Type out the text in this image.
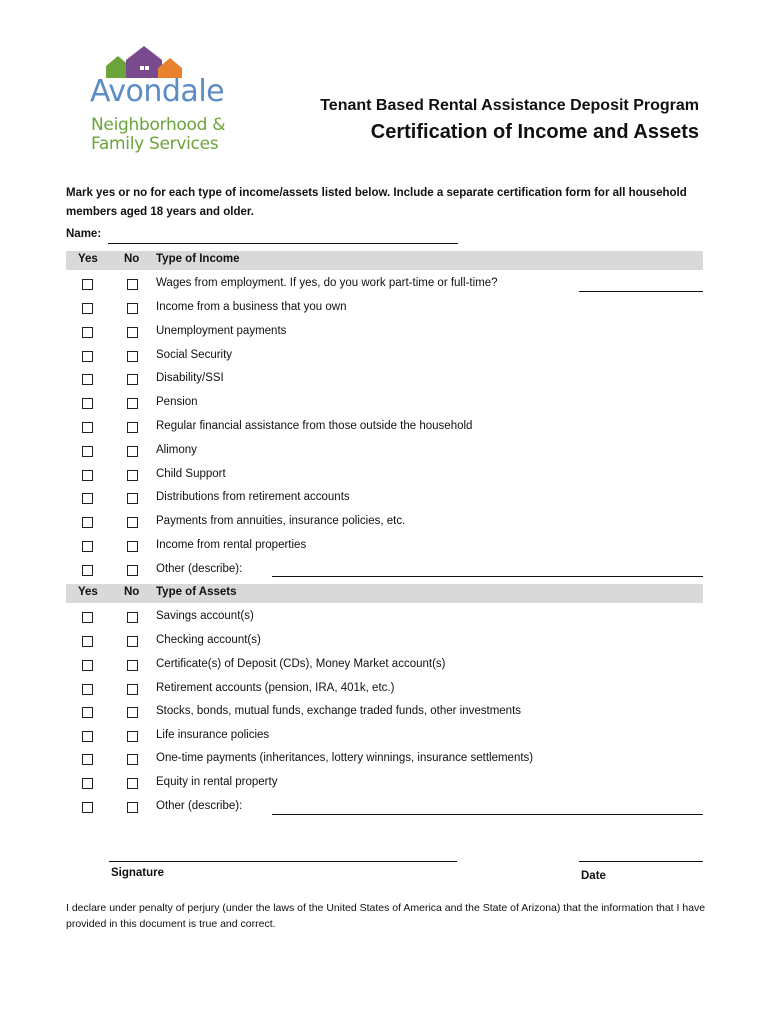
Avondale
Neighborhood &
Family Services
Tenant Based Rental Assistance Deposit Program
Certification of Income and Assets
Mark yes or no for each type of income/assets listed below. Include a separate certification form for all household members aged 18 years and older.
Name:
Yes No Type of Income
Wages from employment. If yes, do you work part-time or full-time?
Income from a business that you own
Unemployment payments
Social Security
Disability/SSI
Pension
Regular financial assistance from those outside the household
Alimony
Child Support
Distributions from retirement accounts
Payments from annuities, insurance policies, etc.
Income from rental properties
Other (describe):
Yes No Type of Assets
Savings account(s)
Checking account(s)
Certificate(s) of Deposit (CDs), Money Market account(s)
Retirement accounts (pension, IRA, 401k, etc.)
Stocks, bonds, mutual funds, exchange traded funds, other investments
Life insurance policies
One-time payments (inheritances, lottery winnings, insurance settlements)
Equity in rental property
Other (describe):
Signature	Date
I declare under penalty of perjury (under the laws of the United States of America and the State of Arizona) that the information that I have provided in this document is true and correct.
